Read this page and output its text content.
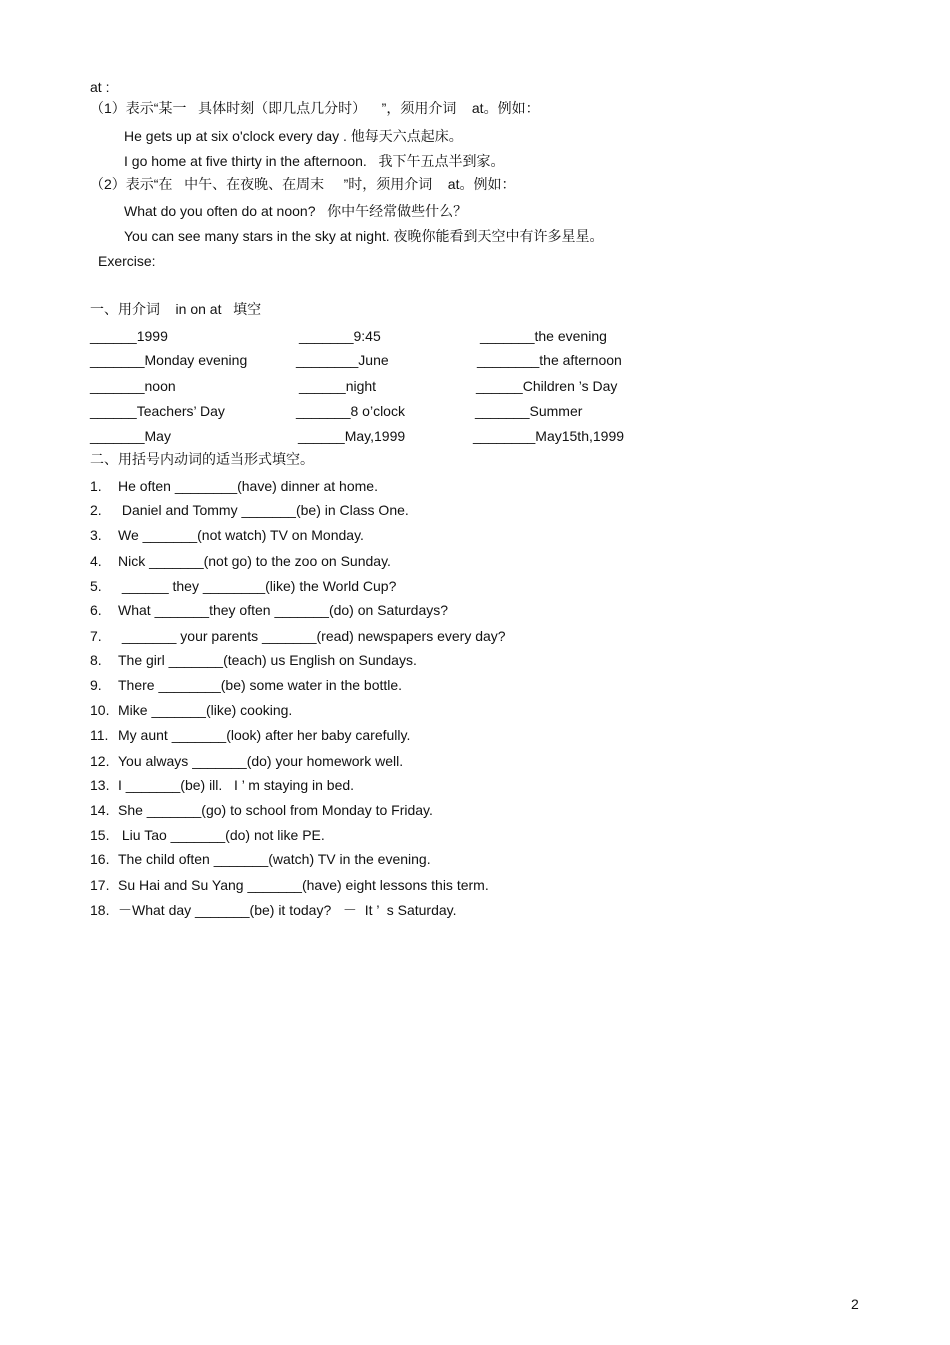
at :
（1）表示“某一   具体时刻（即几点几分时）    ”，须用介词    at。例如：
He gets up at six o'clock every day . 他每天六点起床。
I go home at five thirty in the afternoon.   我下午五点半到家。
（2）表示“在   中午、在夜晚、在周末     ”时，须用介词    at。例如：
What do you often do at noon?   你中午经常做些什么？
You can see many stars in the sky at night. 夜晚你能看到天空中有许多星星。
Exercise:
一、用介词    in on at   填空
______1999	_______9:45	_______the evening
_______Monday evening	________June	________the afternoon
_______noon	______night	______Children ’s Day
______Teachers’ Day	_______8 o’clock	_______Summer
_______May	______May,1999	________May15th,1999
二、用括号内动词的适当形式填空。
1. He often ________(have) dinner at home.
2. Daniel and Tommy _______(be) in Class One.
3. We _______(not watch) TV on Monday.
4. Nick _______(not go) to the zoo on Sunday.
5. ______ they ________(like) the World Cup?
6. What _______they often _______(do) on Saturdays?
7. _______ your parents _______(read) newspapers every day?
8. The girl _______(teach) us English on Sundays.
9. There ________(be) some water in the bottle.
10. Mike _______(like) cooking.
11. My aunt _______(look) after her baby carefully.
12. You always _______(do) your homework well.
13. I _______(be) ill.   I ’ m staying in bed.
14. She _______(go) to school from Monday to Friday.
15. Liu Tao _______(do) not like PE.
16. The child often _______(watch) TV in the evening.
17. Su Hai and Su Yang _______(have) eight lessons this term.
18. －What day _______(be) it today?   －  It ’  s Saturday.
2
